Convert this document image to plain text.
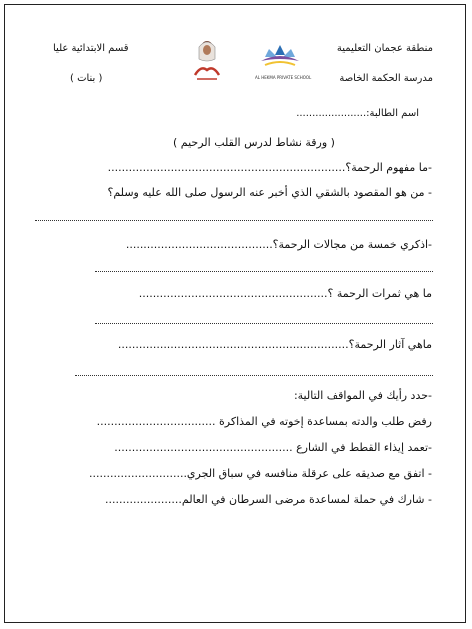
منطقة عجمان التعليمية
مدرسة الحكمة الخاصة
قسم الابتدائية عليا
( بنات )	AL HEKMA PRIVATE SCHOOL
اسم الطالبة:......................
( ورقة نشاط لدرس القلب الرحيم )
-ما مفهوم الرحمة؟....................................................................
- من هو المقصود بالشقي الذي أخبر عنه الرسول صلى الله عليه وسلم؟
-اذكري خمسة من مجالات الرحمة؟..........................................
ما هي ثمرات الرحمة ؟......................................................
ماهي آثار الرحمة؟..................................................................
-حدد رأيك في المواقف التالية:
رفض طلب والدته بمساعدة إخوته في المذاكرة ..................................
-تعمد إيذاء القطط في الشارع ...................................................
- اتفق مع صديقه على عرقلة منافسه في سباق الجري............................
- شارك في حملة لمساعدة مرضى السرطان في العالم......................
